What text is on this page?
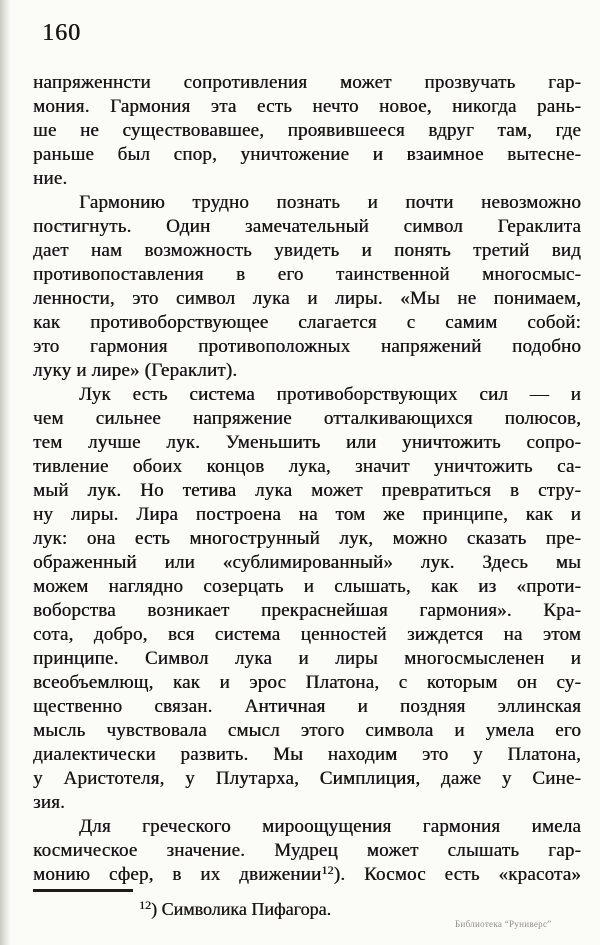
160
напряженнсти сопротивления может прозвучать гар-
мония. Гармония эта есть нечто новое, никогда рань-
ше не существовавшее, проявившееся вдруг там, где
раньше был спор, уничтожение и взаимное вытесне-
ние.
Гармонию трудно познать и почти невозможно
постигнуть. Один замечательный символ Гераклита
дает нам возможность увидеть и понять третий вид
противопоставления в его таинственной многосмыс-
ленности, это символ лука и лиры. «Мы не понимаем,
как противоборствующее слагается с самим собой:
это гармония противоположных напряжений подобно
луку и лире» (Гераклит).
Лук есть система противоборствующих сил — и
чем сильнее напряжение отталкивающихся полюсов,
тем лучше лук. Уменьшить или уничтожить сопро-
тивление обоих концов лука, значит уничтожить са-
мый лук. Но тетива лука может превратиться в стру-
ну лиры. Лира построена на том же принципе, как и
лук: она есть многострунный лук, можно сказать пре-
ображенный или «сублимированный» лук. Здесь мы
можем наглядно созерцать и слышать, как из «проти-
воборства возникает прекраснейшая гармония». Кра-
сота, добро, вся система ценностей зиждется на этом
принципе. Символ лука и лиры многосмысленен и
всеобъемлющ, как и эрос Платона, с которым он су-
щественно связан. Античная и поздняя эллинская
мысль чувствовала смысл этого символа и умела его
диалектически развить. Мы находим это у Платона,
у Аристотеля, у Плутарха, Симплиция, даже у Сине-
зия.
Для греческого мироощущения гармония имела
космическое значение. Мудрец может слышать гар-
монию сфер, в их движении$^{12}$). Космос есть «красота»
$^{12}$) Символика Пифагора.
Библиотека “Руниверс”
